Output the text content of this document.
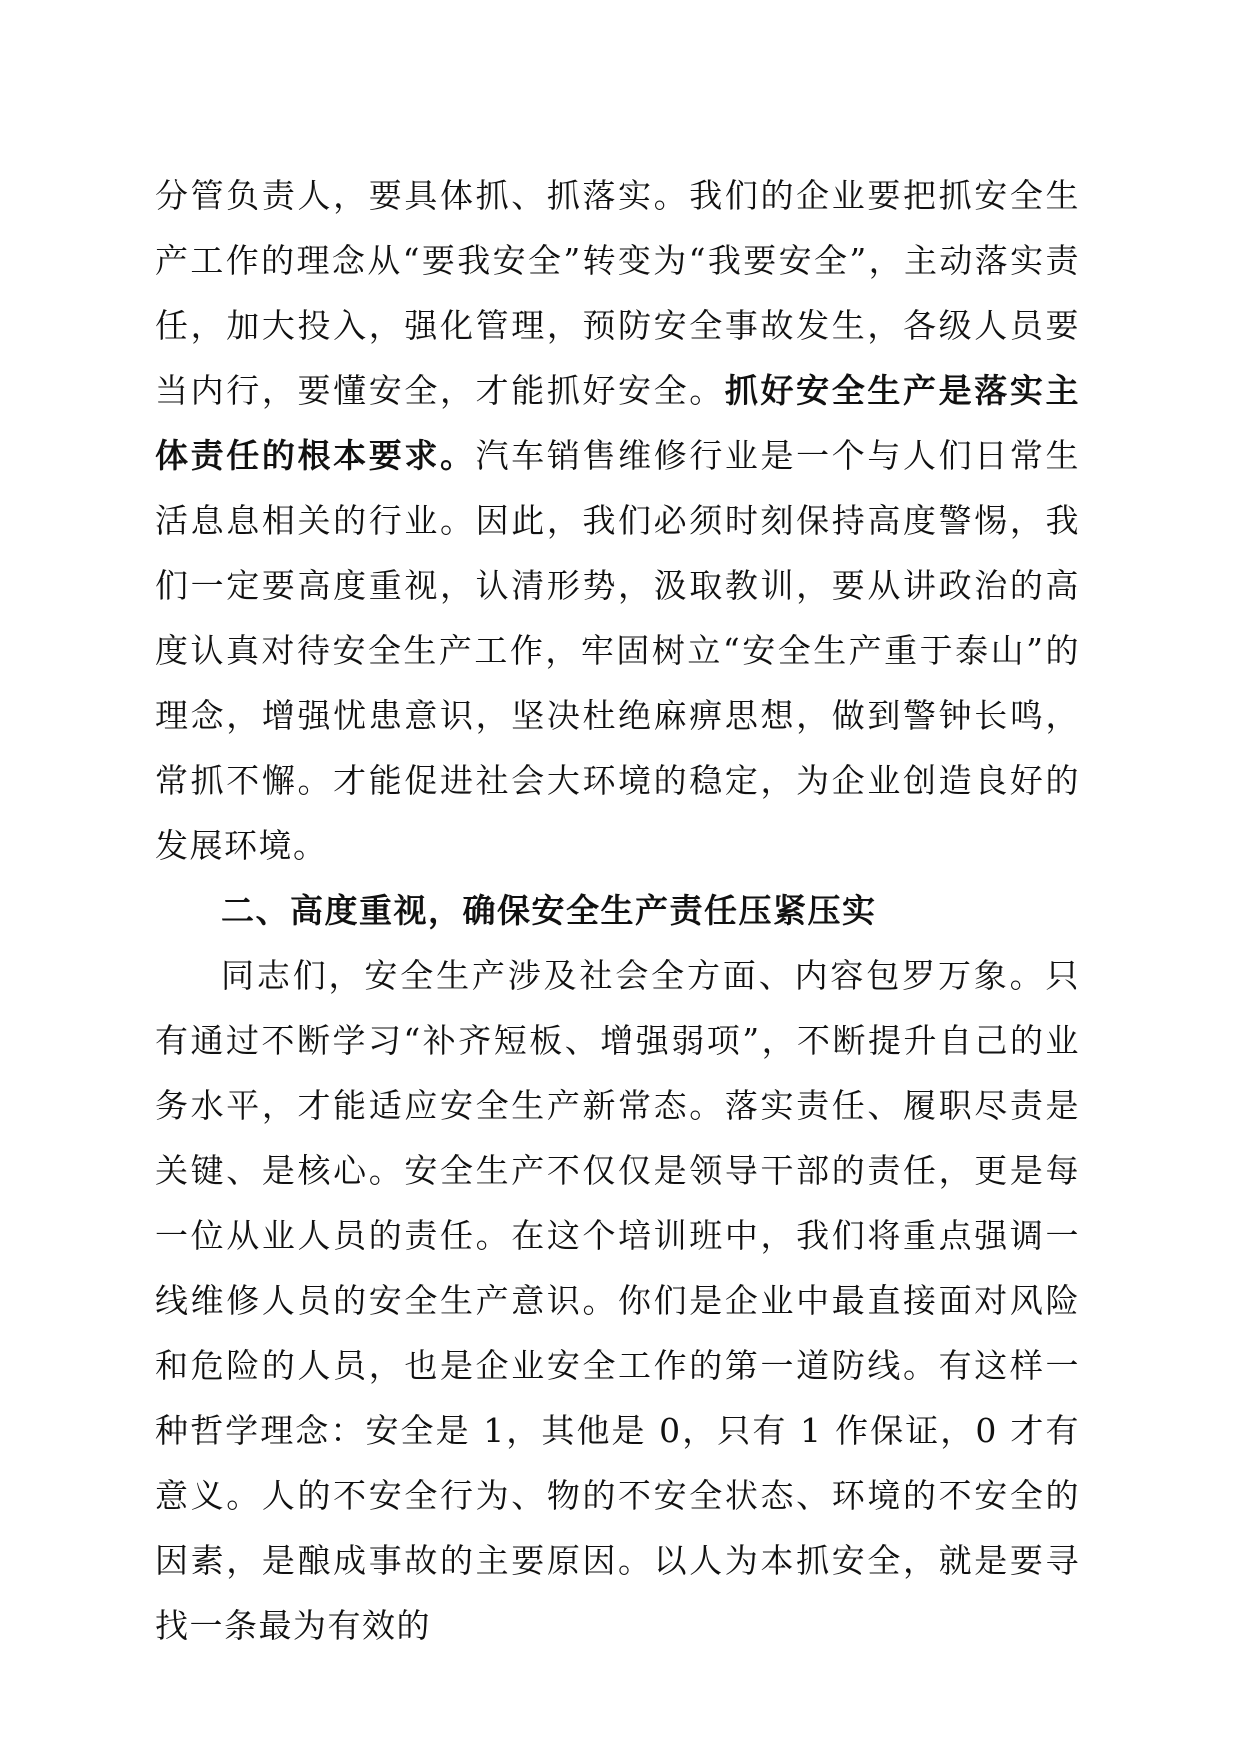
分管负责人，要具体抓、抓落实。我们的企业要把抓安全生产工作的理念从“要我安全”转变为“我要安全”，主动落实责任，加大投入，强化管理，预防安全事故发生，各级人员要当内行，要懂安全，才能抓好安全。抓好安全生产是落实主体责任的根本要求。汽车销售维修行业是一个与人们日常生活息息相关的行业。因此，我们必须时刻保持高度警惕，我们一定要高度重视，认清形势，汲取教训，要从讲政治的高度认真对待安全生产工作，牢固树立“安全生产重于泰山”的理念，增强忧患意识，坚决杜绝麻痹思想，做到警钟长鸣，常抓不懈。才能促进社会大环境的稳定，为企业创造良好的发展环境。

二、高度重视，确保安全生产责任压紧压实

同志们，安全生产涉及社会全方面、内容包罗万象。只有通过不断学习“补齐短板、增强弱项”，不断提升自己的业务水平，才能适应安全生产新常态。落实责任、履职尽责是关键、是核心。安全生产不仅仅是领导干部的责任，更是每一位从业人员的责任。在这个培训班中，我们将重点强调一线维修人员的安全生产意识。你们是企业中最直接面对风险和危险的人员，也是企业安全工作的第一道防线。有这样一种哲学理念：安全是 1，其他是 0，只有 1 作保证，0 才有意义。人的不安全行为、物的不安全状态、环境的不安全的因素，是酿成事故的主要原因。以人为本抓安全，就是要寻找一条最为有效的
